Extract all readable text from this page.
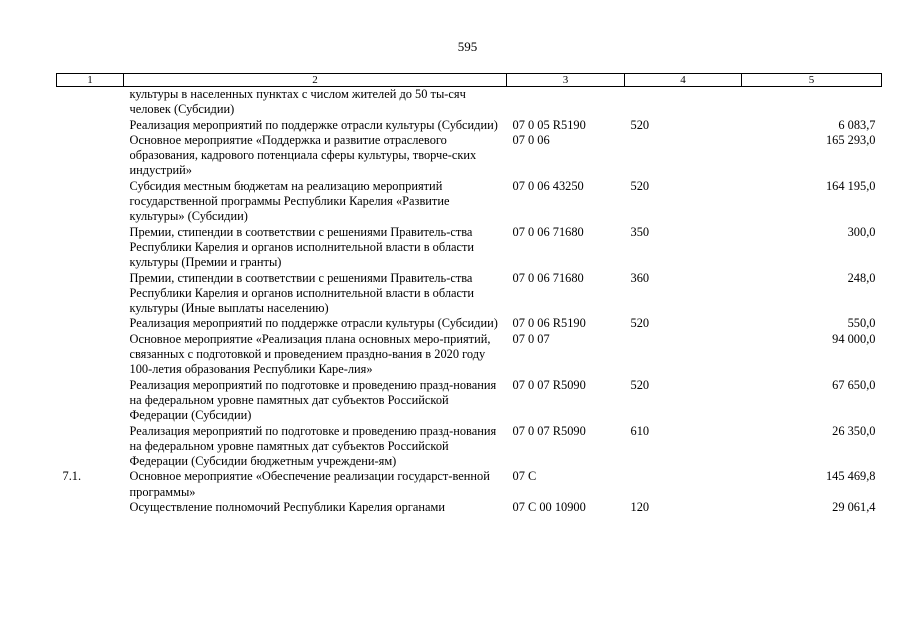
595
1	2	3	4	5
	культуры в населенных пунктах с числом жителей до 50 ты-сяч человек (Субсидии)			
	Реализация мероприятий по поддержке отрасли культуры (Субсидии)	07 0 05 R5190	520	6 083,7
	Основное мероприятие «Поддержка и развитие отраслевого образования, кадрового потенциала сферы культуры, творче-ских индустрий»	07 0 06		165 293,0
	Субсидия местным бюджетам на реализацию мероприятий государственной программы Республики Карелия «Развитие культуры» (Субсидии)	07 0 06 43250	520	164 195,0
	Премии, стипендии в соответствии с решениями Правитель-ства Республики Карелия и органов исполнительной власти в области культуры (Премии и гранты)	07 0 06 71680	350	300,0
	Премии, стипендии в соответствии с решениями Правитель-ства Республики Карелия и органов исполнительной власти в области культуры (Иные выплаты населению)	07 0 06 71680	360	248,0
	Реализация мероприятий по поддержке отрасли культуры (Субсидии)	07 0 06 R5190	520	550,0
	Основное мероприятие «Реализация плана основных меро-приятий, связанных с подготовкой и проведением праздно-вания в 2020 году 100-летия образования Республики Каре-лия»	07 0 07		94 000,0
	Реализация мероприятий по подготовке и проведению празд-нования на федеральном уровне памятных дат субъектов Российской Федерации (Субсидии)	07 0 07 R5090	520	67 650,0
	Реализация мероприятий по подготовке и проведению празд-нования на федеральном уровне памятных дат субъектов Российской Федерации (Субсидии бюджетным учреждени-ям)	07 0 07 R5090	610	26 350,0
7.1.	Основное мероприятие «Обеспечение реализации государст-венной программы»	07 С		145 469,8
	Осуществление полномочий Республики Карелия органами	07 С 00 10900	120	29 061,4
